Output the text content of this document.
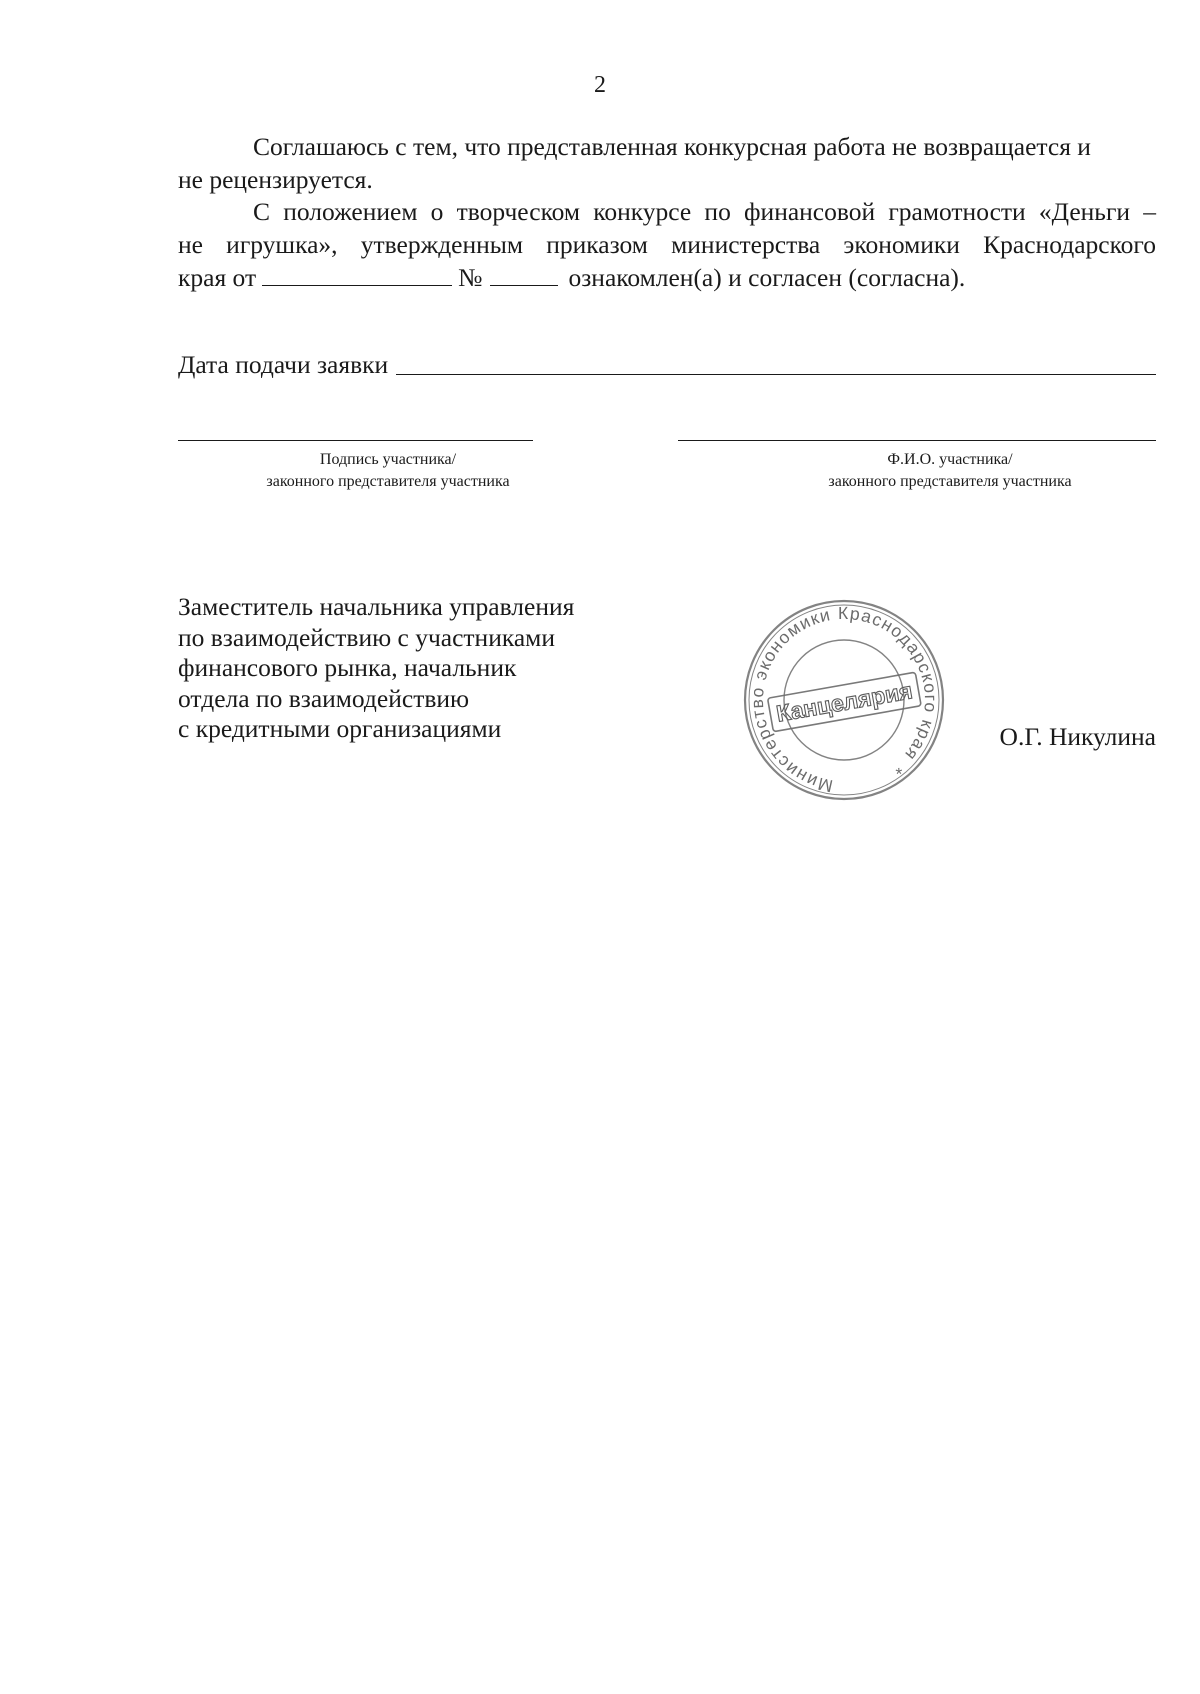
2
Соглашаюсь с тем, что представленная конкурсная работа не возвращается и
не рецензируется.
С положением о творческом конкурсе по финансовой грамотности «Деньги –
не игрушка», утвержденным приказом министерства экономики Краснодарского
края от	№	ознакомлен(а) и согласен (согласна).
Дата подачи заявки
Подпись участника/
законного представителя участника
Ф.И.О. участника/
законного представителя участника
Заместитель начальника управления
по взаимодействию с участниками
финансового рынка, начальник
отдела по взаимодействию
с кредитными организациями
Министерство экономики Краснодарского края *
Канцелярия
О.Г. Никулина
